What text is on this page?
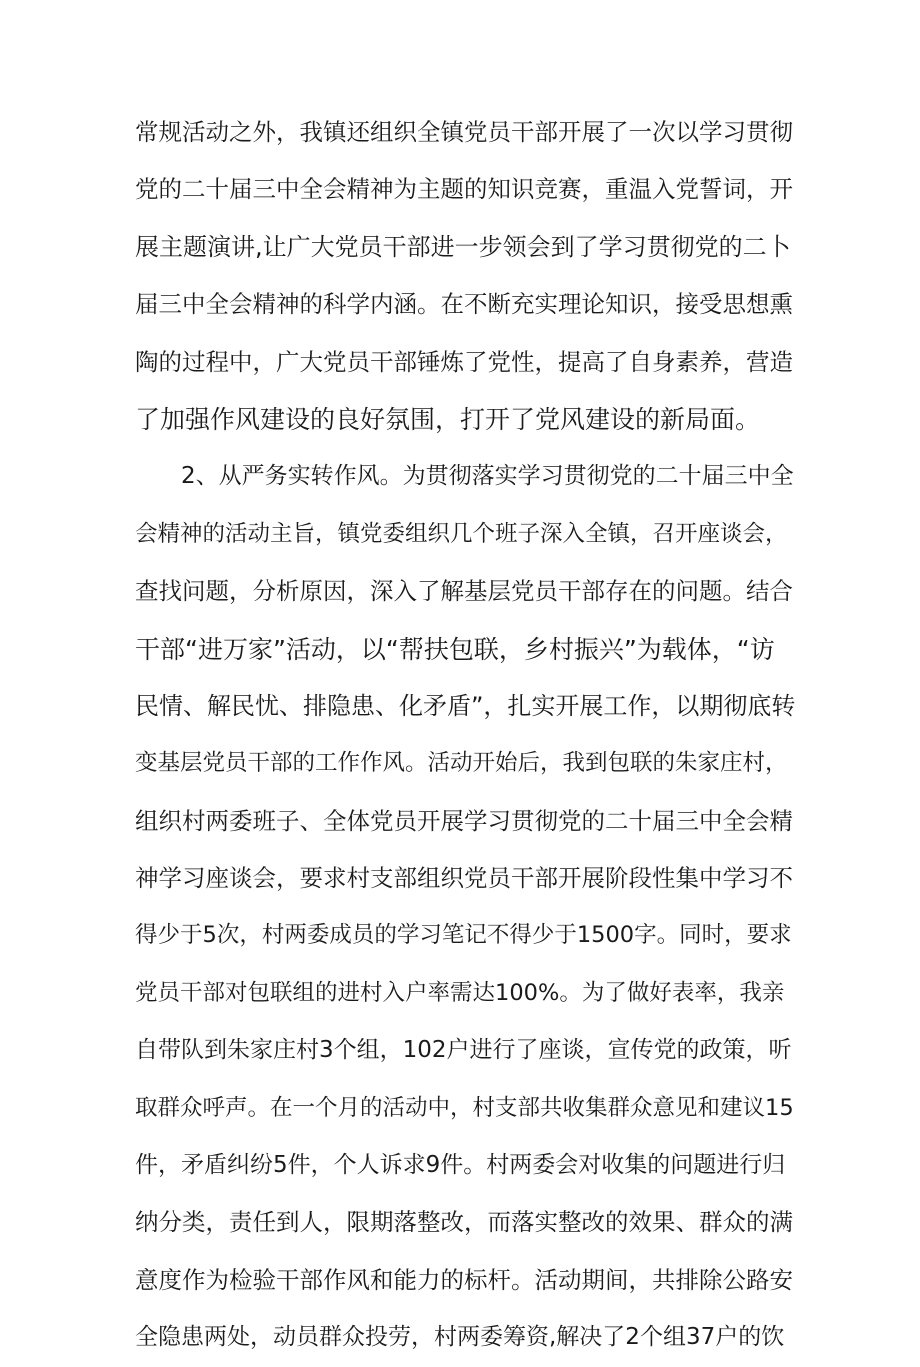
常规活动之外，我镇还组织全镇党员干部开展了一次以学习贯彻
党的二十届三中全会精神为主题的知识竞赛，重温入党誓词，开
展主题演讲,让广大党员干部进一步领会到了学习贯彻党的二卜
届三中全会精神的科学内涵。在不断充实理论知识，接受思想熏
陶的过程中，广大党员干部锤炼了党性，提高了自身素养，营造
了加强作风建设的良好氛围，打开了党风建设的新局面。
　　2、从严务实转作风。为贯彻落实学习贯彻党的二十届三中全
会精神的活动主旨，镇党委组织几个班子深入全镇，召开座谈会，
查找问题，分析原因，深入了解基层党员干部存在的问题。结合
干部“进万家”活动，以“帮扶包联，乡村振兴”为载体，“访
民情、解民忧、排隐患、化矛盾”，扎实开展工作，以期彻底转
变基层党员干部的工作作风。活动开始后，我到包联的朱家庄村，
组织村两委班子、全体党员开展学习贯彻党的二十届三中全会精
神学习座谈会，要求村支部组织党员干部开展阶段性集中学习不
得少于5次，村两委成员的学习笔记不得少于1500字。同时，要求
党员干部对包联组的进村入户率需达100%。为了做好表率，我亲
自带队到朱家庄村3个组，102户进行了座谈，宣传党的政策，听
取群众呼声。在一个月的活动中，村支部共收集群众意见和建议15
件，矛盾纠纷5件，个人诉求9件。村两委会对收集的问题进行归
纳分类，责任到人，限期落整改，而落实整改的效果、群众的满
意度作为检验干部作风和能力的标杆。活动期间，共排除公路安
全隐患两处，动员群众投劳，村两委筹资,解决了2个组37户的饮
